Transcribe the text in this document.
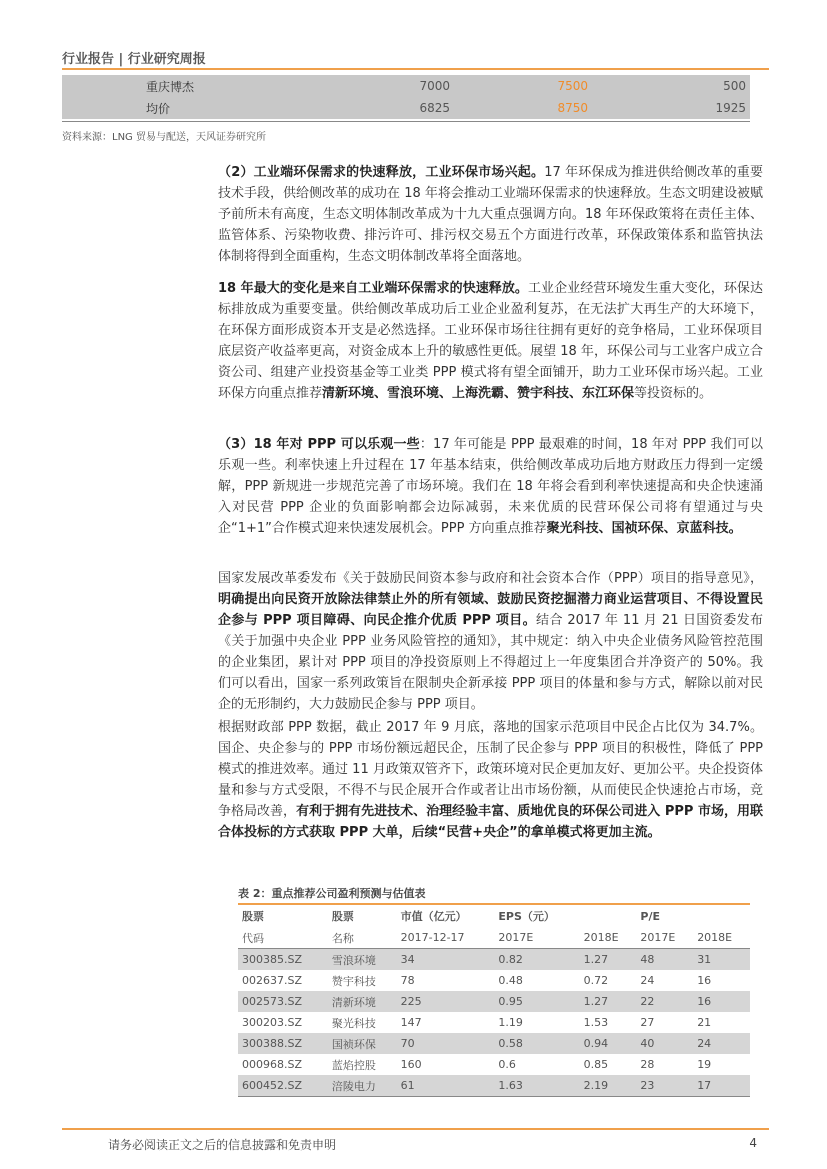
行业报告 | 行业研究周报
重庆博杰	7000	7500	500
均价	6825	8750	1925
资料来源：LNG 贸易与配送，天风证券研究所
（2）工业端环保需求的快速释放，工业环保市场兴起。17 年环保成为推进供给侧改革的重要技术手段，供给侧改革的成功在 18 年将会推动工业端环保需求的快速释放。生态文明建设被赋予前所未有高度，生态文明体制改革成为十九大重点强调方向。18 年环保政策将在责任主体、监管体系、污染物收费、排污许可、排污权交易五个方面进行改革，环保政策体系和监管执法体制将得到全面重构，生态文明体制改革将全面落地。
18 年最大的变化是来自工业端环保需求的快速释放。工业企业经营环境发生重大变化，环保达标排放成为重要变量。供给侧改革成功后工业企业盈利复苏，在无法扩大再生产的大环境下，在环保方面形成资本开支是必然选择。工业环保市场往往拥有更好的竞争格局，工业环保项目底层资产收益率更高，对资金成本上升的敏感性更低。展望 18 年，环保公司与工业客户成立合资公司、组建产业投资基金等工业类 PPP 模式将有望全面铺开，助力工业环保市场兴起。工业环保方向重点推荐清新环境、雪浪环境、上海洗霸、赞宇科技、东江环保等投资标的。
（3）18 年对 PPP 可以乐观一些：17 年可能是 PPP 最艰难的时间，18 年对 PPP 我们可以乐观一些。利率快速上升过程在 17 年基本结束，供给侧改革成功后地方财政压力得到一定缓解，PPP 新规进一步规范完善了市场环境。我们在 18 年将会看到利率快速提高和央企快速涌入对民营 PPP 企业的负面影响都会边际减弱，未来优质的民营环保公司将有望通过与央企“1+1”合作模式迎来快速发展机会。PPP 方向重点推荐聚光科技、国祯环保、京蓝科技。
国家发展改革委发布《关于鼓励民间资本参与政府和社会资本合作（PPP）项目的指导意见》，明确提出向民资开放除法律禁止外的所有领域、鼓励民资挖掘潜力商业运营项目、不得设置民企参与 PPP 项目障碍、向民企推介优质 PPP 项目。结合 2017 年 11 月 21 日国资委发布《关于加强中央企业 PPP 业务风险管控的通知》，其中规定：纳入中央企业债务风险管控范围的企业集团，累计对 PPP 项目的净投资原则上不得超过上一年度集团合并净资产的 50%。我们可以看出，国家一系列政策旨在限制央企新承接 PPP 项目的体量和参与方式，解除以前对民企的无形制约，大力鼓励民企参与 PPP 项目。
根据财政部 PPP 数据，截止 2017 年 9 月底，落地的国家示范项目中民企占比仅为 34.7%。国企、央企参与的 PPP 市场份额远超民企，压制了民企参与 PPP 项目的积极性，降低了 PPP 模式的推进效率。通过 11 月政策双管齐下，政策环境对民企更加友好、更加公平。央企投资体量和参与方式受限，不得不与民企展开合作或者让出市场份额，从而使民企快速抢占市场，竞争格局改善，有利于拥有先进技术、治理经验丰富、质地优良的环保公司进入 PPP 市场，用联合体投标的方式获取 PPP 大单，后续“民营+央企”的拿单模式将更加主流。
表 2：重点推荐公司盈利预测与估值表
股票	股票	市值（亿元）	EPS（元）		P/E	
代码	名称	2017-12-17	2017E	2018E	2017E	2018E
300385.SZ	雪浪环境	34	0.82	1.27	48	31
002637.SZ	赞宇科技	78	0.48	0.72	24	16
002573.SZ	清新环境	225	0.95	1.27	22	16
300203.SZ	聚光科技	147	1.19	1.53	27	21
300388.SZ	国祯环保	70	0.58	0.94	40	24
000968.SZ	蓝焰控股	160	0.6	0.85	28	19
600452.SZ	涪陵电力	61	1.63	2.19	23	17
请务必阅读正文之后的信息披露和免责申明	4
